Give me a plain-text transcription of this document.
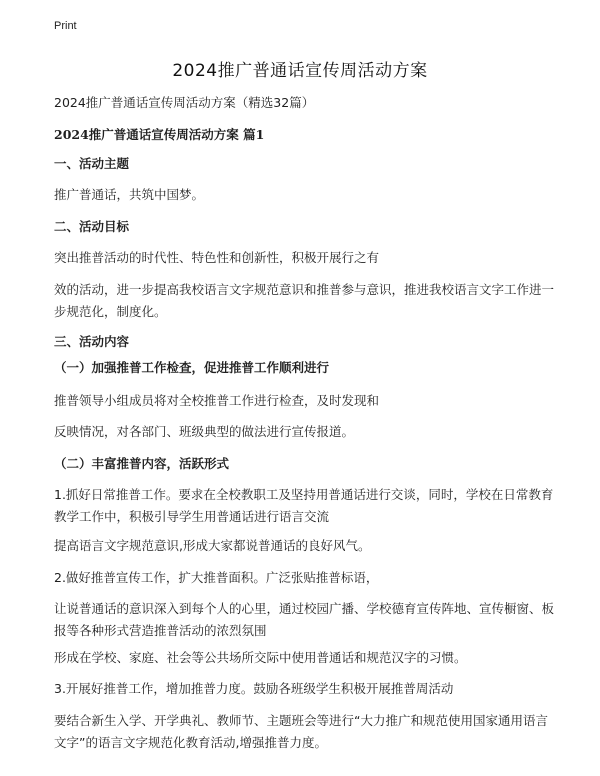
Print
2024推广普通话宣传周活动方案
2024推广普通话宣传周活动方案（精选32篇）
2024推广普通话宣传周活动方案 篇1
一、活动主题
推广普通话，共筑中国梦。
二、活动目标
突出推普活动的时代性、特色性和创新性，积极开展行之有
效的活动，进一步提高我校语言文字规范意识和推普参与意识，推进我校语言文字工作进一步规范化，制度化。
三、活动内容
（一）加强推普工作检查，促进推普工作顺利进行
推普领导小组成员将对全校推普工作进行检查，及时发现和
反映情况，对各部门、班级典型的做法进行宣传报道。
（二）丰富推普内容，活跃形式
1.抓好日常推普工作。要求在全校教职工及坚持用普通话进行交谈，同时，学校在日常教育教学工作中，积极引导学生用普通话进行语言交流
提高语言文字规范意识,形成大家都说普通话的良好风气。
2.做好推普宣传工作，扩大推普面积。广泛张贴推普标语，
让说普通话的意识深入到每个人的心里，通过校园广播、学校德育宣传阵地、宣传橱窗、板报等各种形式营造推普活动的浓烈氛围
形成在学校、家庭、社会等公共场所交际中使用普通话和规范汉字的习惯。
3.开展好推普工作，增加推普力度。鼓励各班级学生积极开展推普周活动
要结合新生入学、开学典礼、教师节、主题班会等进行“大力推广和规范使用国家通用语言文字”的语言文字规范化教育活动,增强推普力度。
